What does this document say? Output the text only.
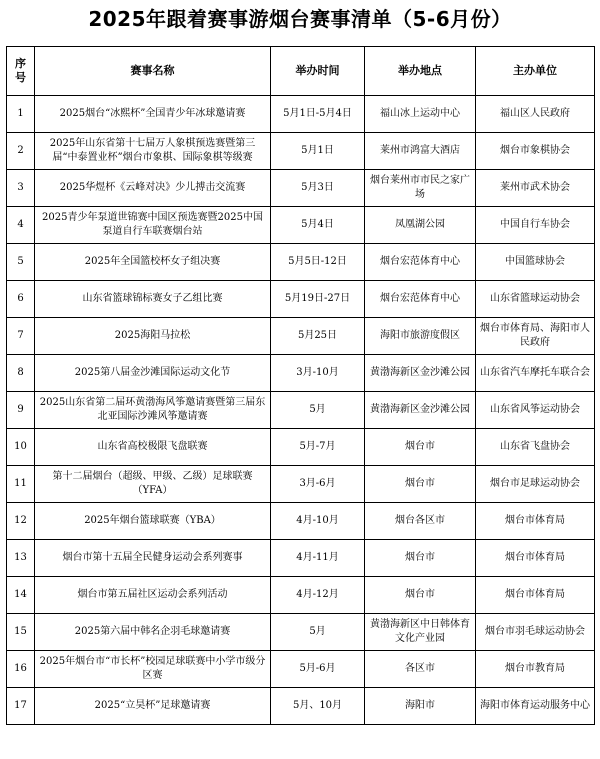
2025年跟着赛事游烟台赛事清单（5-6月份）
序号	赛事名称	举办时间	举办地点	主办单位
1	2025烟台“冰熙杯”全国青少年冰球邀请赛	5月1日-5月4日	福山冰上运动中心	福山区人民政府
2	2025年山东省第十七届万人象棋预选赛暨第三届“中泰置业杯”烟台市象棋、国际象棋等级赛	5月1日	莱州市鸿富大酒店	烟台市象棋协会
3	2025华煜杯《云峰对决》少儿搏击交流赛	5月3日	烟台莱州市市民之家广场	莱州市武术协会
4	2025青少年泵道世锦赛中国区预选赛暨2025中国泵道自行车联赛烟台站	5月4日	凤凰湖公园	中国自行车协会
5	2025年全国篮校杯女子组决赛	5月5日-12日	烟台宏范体育中心	中国篮球协会
6	山东省篮球锦标赛女子乙组比赛	5月19日-27日	烟台宏范体育中心	山东省篮球运动协会
7	2025海阳马拉松	5月25日	海阳市旅游度假区	烟台市体育局、海阳市人民政府
8	2025第八届金沙滩国际运动文化节	3月-10月	黄渤海新区金沙滩公园	山东省汽车摩托车联合会
9	2025山东省第二届环黄渤海风筝邀请赛暨第三届东北亚国际沙滩风筝邀请赛	5月	黄渤海新区金沙滩公园	山东省风筝运动协会
10	山东省高校极限飞盘联赛	5月-7月	烟台市	山东省飞盘协会
11	第十二届烟台（超级、甲级、乙级）足球联赛（YFA）	3月-6月	烟台市	烟台市足球运动协会
12	2025年烟台篮球联赛（YBA）	4月-10月	烟台各区市	烟台市体育局
13	烟台市第十五届全民健身运动会系列赛事	4月-11月	烟台市	烟台市体育局
14	烟台市第五届社区运动会系列活动	4月-12月	烟台市	烟台市体育局
15	2025第六届中韩名企羽毛球邀请赛	5月	黄渤海新区中日韩体育文化产业园	烟台市羽毛球运动协会
16	2025年烟台市“市长杯”校园足球联赛中小学市级分区赛	5月-6月	各区市	烟台市教育局
17	2025“立昊杯”足球邀请赛	5月、10月	海阳市	海阳市体育运动服务中心
